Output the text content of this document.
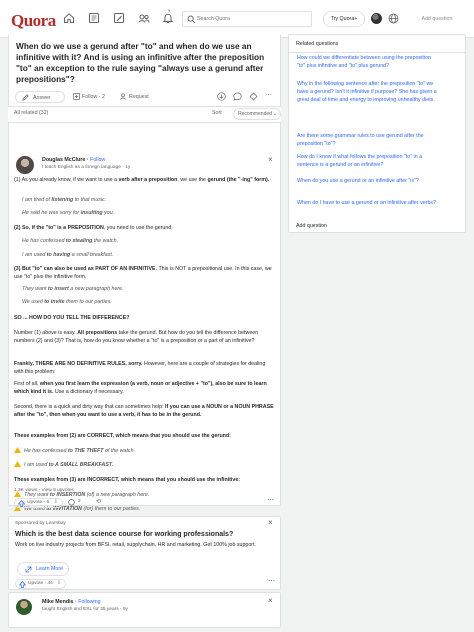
Quora
9
Search Quora
Try Quora+	Add question
When do we use a gerund after "to" and when do we use an infinitive with it? And is using an infinitive after the preposition "to" an exception to the rule saying "always use a gerund after prepositions"?
Answer	Follow · 2	Request	⋯
All related (32)	Sort	Recommended ⌄
Douglas McClure · Follow
I teach English as a foreign language · 1y
×

(1) As you already know, if we want to use a verb after a preposition, we use the gerund (the "-ing" form).

I am tired of listening to that music.

He said he was sorry for insulting you.

(2) So, if the "to" is a PREPOSITION, you need to use the gerund:

He has confessed to stealing the watch.

I am used to having a small breakfast.

(3) But "to" can also be used as PART OF AN INFINITIVE. This is NOT a prepositional use. In this case, we use "to" plus the infinitive form.

They want to insert a new paragraph here.

We used to invite them to our parties.

SO ... HOW DO YOU TELL THE DIFFERENCE?

Number (1) above is easy. All prepositions take the gerund. But how do you tell the difference between numbers (2) and (3)? That is, how do you know whether a "to" is a preposition or a part of an infinitive?

Frankly, THERE ARE NO DEFINITIVE RULES, sorry. However, here are a couple of strategies for dealing with this problem:

First of all, when you first learn the expression (a verb, noun or adjective + "to"), also be sure to learn which kind it is. Use a dictionary if necessary.

Second, there is a quick and dirty way that can sometimes help: If you can use a NOUN or a NOUN PHRASE after the "to", then when you want to use a verb, it has to be in the gerund.

These examples from (2) are CORRECT, which means that you should use the gerund:

He has confessed to THE THEFT of the watch.

I am used to A SMALL BREAKFAST.

These examples from (3) are INCORRECT, which means that you should use the infinitive:

They want to INSERTION (of) a new paragraph here.

We used to INVITATION (for) them to our parties.

1.3K views · View 8 upvotes
Upvote · 6 ⇩	2	⟲	⋯
Sponsored by Learnbay	×
Which is the best data science course for working professionals?
Work on live industry projects from BFSI, retail, supplychain, HR and marketing. Get 100% job support.
Learn More
Upvote · 44 ⇩	⋯
Mike Mendis · Following
taught English and ESL for 35 years · 9y
×
Related questions
How could we differentiate between using the preposition "to" plus infinitive and "to" plus gerund?
Why in the following sentence after the preposition "to" we have a gerund? Isn't it infinitive if purpose? She has given a great deal of time and energy to improving unhealthy diets.
Are there some grammar rules to use gerund after the preposition "to"?
How do I know if what follows the preposition "to" in a sentence is a gerund or an infinitive?
When do you use a gerund or an infinitive after "is"?
When do I have to use a gerund or an infinitive after verbs?
Add question
